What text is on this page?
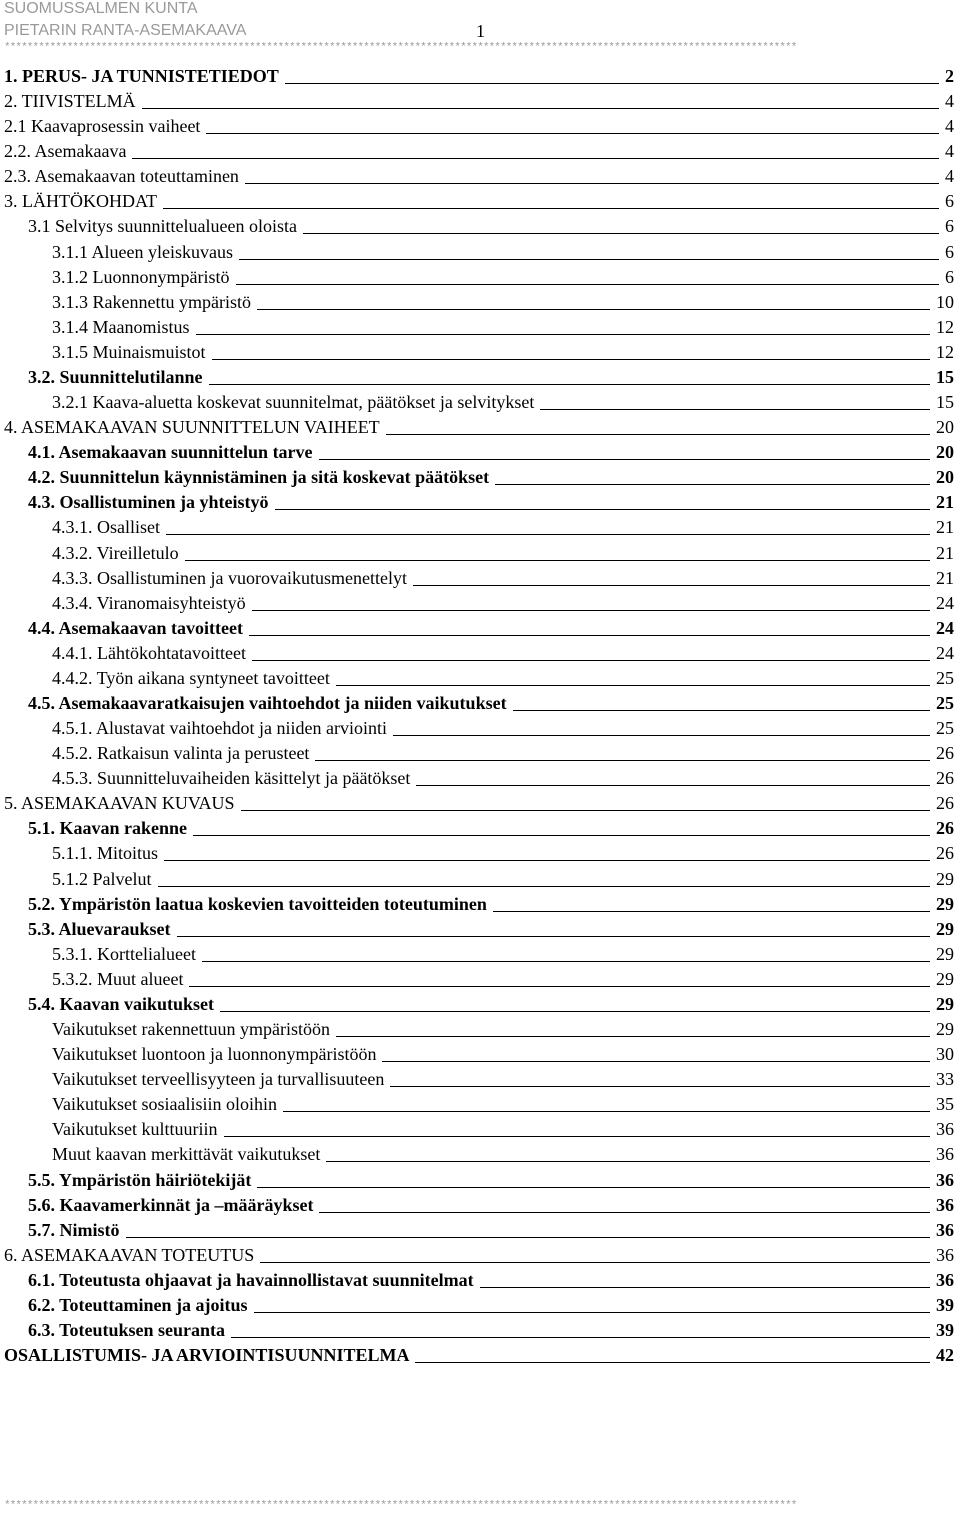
SUOMUSSALMEN KUNTA
PIETARIN RANTA-ASEMAKAAVA	1
*******************************************************************************************************************************************
1. PERUS- JA TUNNISTETIEDOT	2
2. TIIVISTELMÄ	4
2.1 Kaavaprosessin vaiheet	4
2.2. Asemakaava	4
2.3. Asemakaavan toteuttaminen	4
3. LÄHTÖKOHDAT	6
3.1 Selvitys suunnittelualueen oloista	6
3.1.1 Alueen yleiskuvaus	6
3.1.2 Luonnonympäristö	6
3.1.3 Rakennettu ympäristö	10
3.1.4 Maanomistus	12
3.1.5 Muinaismuistot	12
3.2. Suunnittelutilanne	15
3.2.1 Kaava-aluetta koskevat suunnitelmat, päätökset ja selvitykset	15
4. ASEMAKAAVAN SUUNNITTELUN VAIHEET	20
4.1. Asemakaavan suunnittelun tarve	20
4.2. Suunnittelun käynnistäminen ja sitä koskevat päätökset	20
4.3. Osallistuminen ja yhteistyö	21
4.3.1. Osalliset	21
4.3.2. Vireilletulo	21
4.3.3. Osallistuminen ja vuorovaikutusmenettelyt	21
4.3.4. Viranomaisyhteistyö	24
4.4. Asemakaavan tavoitteet	24
4.4.1. Lähtökohtatavoitteet	24
4.4.2. Työn aikana syntyneet tavoitteet	25
4.5. Asemakaavaratkaisujen vaihtoehdot ja niiden vaikutukset	25
4.5.1. Alustavat vaihtoehdot ja niiden arviointi	25
4.5.2. Ratkaisun valinta ja perusteet	26
4.5.3. Suunnitteluvaiheiden käsittelyt ja päätökset	26
5. ASEMAKAAVAN KUVAUS	26
5.1. Kaavan rakenne	26
5.1.1. Mitoitus	26
5.1.2 Palvelut	29
5.2. Ympäristön laatua koskevien tavoitteiden toteutuminen	29
5.3. Aluevaraukset	29
5.3.1. Korttelialueet	29
5.3.2. Muut alueet	29
5.4. Kaavan vaikutukset	29
Vaikutukset rakennettuun ympäristöön	29
Vaikutukset luontoon ja luonnonympäristöön	30
Vaikutukset terveellisyyteen ja turvallisuuteen	33
Vaikutukset sosiaalisiin oloihin	35
Vaikutukset kulttuuriin	36
Muut kaavan merkittävät vaikutukset	36
5.5. Ympäristön häiriötekijät	36
5.6. Kaavamerkinnät ja –määräykset	36
5.7. Nimistö	36
6. ASEMAKAAVAN TOTEUTUS	36
6.1. Toteutusta ohjaavat ja havainnollistavat suunnitelmat	36
6.2. Toteuttaminen ja ajoitus	39
6.3. Toteutuksen seuranta	39
OSALLISTUMIS- JA ARVIOINTISUUNNITELMA	42
*******************************************************************************************************************************************
